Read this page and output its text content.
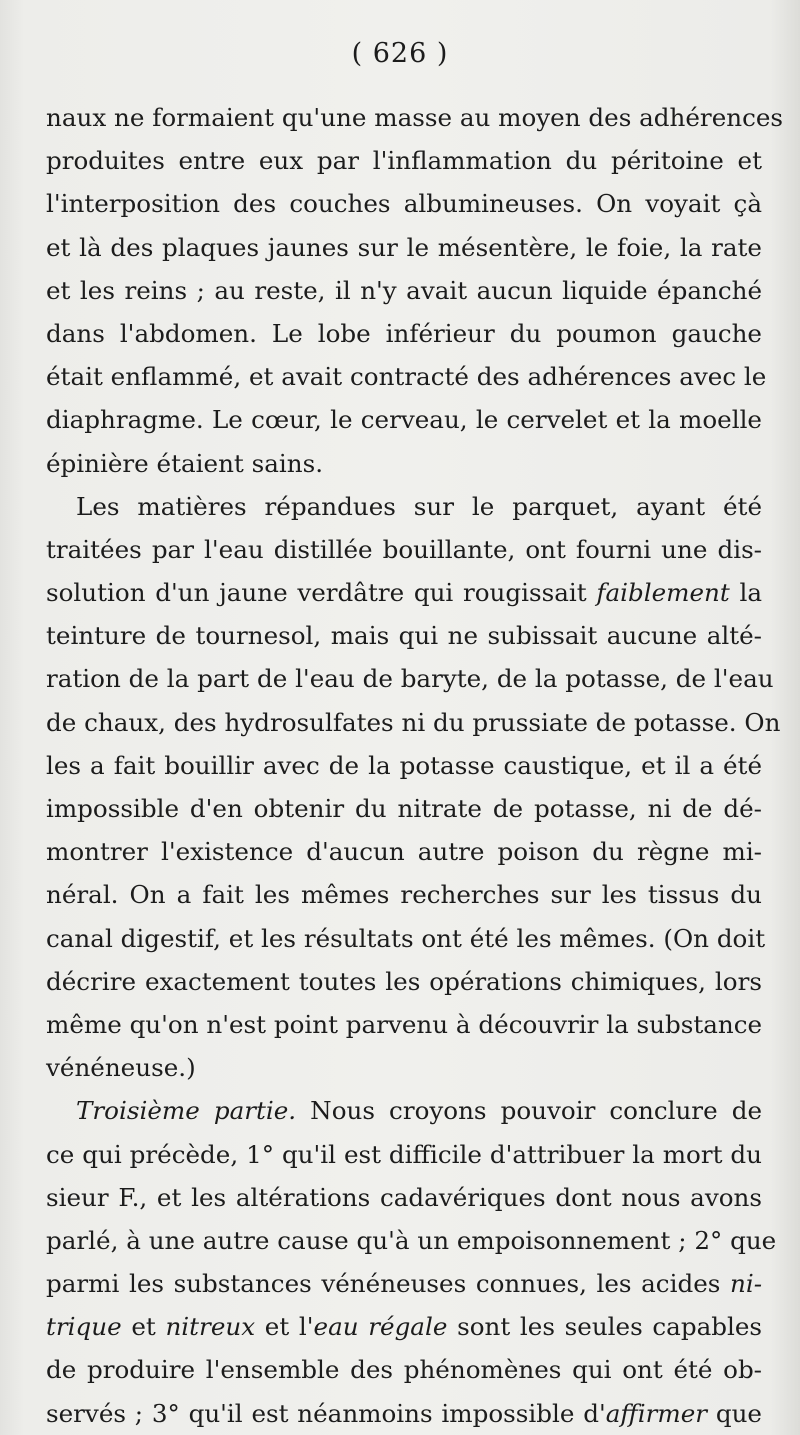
( 626 )
naux ne formaient qu'une masse au moyen des adhérences
produites entre eux par l'inflammation du péritoine et
l'interposition des couches albumineuses. On voyait çà
et là des plaques jaunes sur le mésentère, le foie, la rate
et les reins ; au reste, il n'y avait aucun liquide épanché
dans l'abdomen. Le lobe inférieur du poumon gauche
était enflammé, et avait contracté des adhérences avec le
diaphragme. Le cœur, le cerveau, le cervelet et la moelle
épinière étaient sains.
Les matières répandues sur le parquet, ayant été
traitées par l'eau distillée bouillante, ont fourni une dis-
solution d'un jaune verdâtre qui rougissait faiblement la
teinture de tournesol, mais qui ne subissait aucune alté-
ration de la part de l'eau de baryte, de la potasse, de l'eau
de chaux, des hydrosulfates ni du prussiate de potasse. On
les a fait bouillir avec de la potasse caustique, et il a été
impossible d'en obtenir du nitrate de potasse, ni de dé-
montrer l'existence d'aucun autre poison du règne mi-
néral. On a fait les mêmes recherches sur les tissus du
canal digestif, et les résultats ont été les mêmes. (On doit
décrire exactement toutes les opérations chimiques, lors
même qu'on n'est point parvenu à découvrir la substance
vénéneuse.)
Troisième partie. Nous croyons pouvoir conclure de
ce qui précède, 1° qu'il est difficile d'attribuer la mort du
sieur F., et les altérations cadavériques dont nous avons
parlé, à une autre cause qu'à un empoisonnement ; 2° que
parmi les substances vénéneuses connues, les acides ni-
trique et nitreux et l'eau régale sont les seules capables
de produire l'ensemble des phénomènes qui ont été ob-
servés ; 3° qu'il est néanmoins impossible d'affirmer que
